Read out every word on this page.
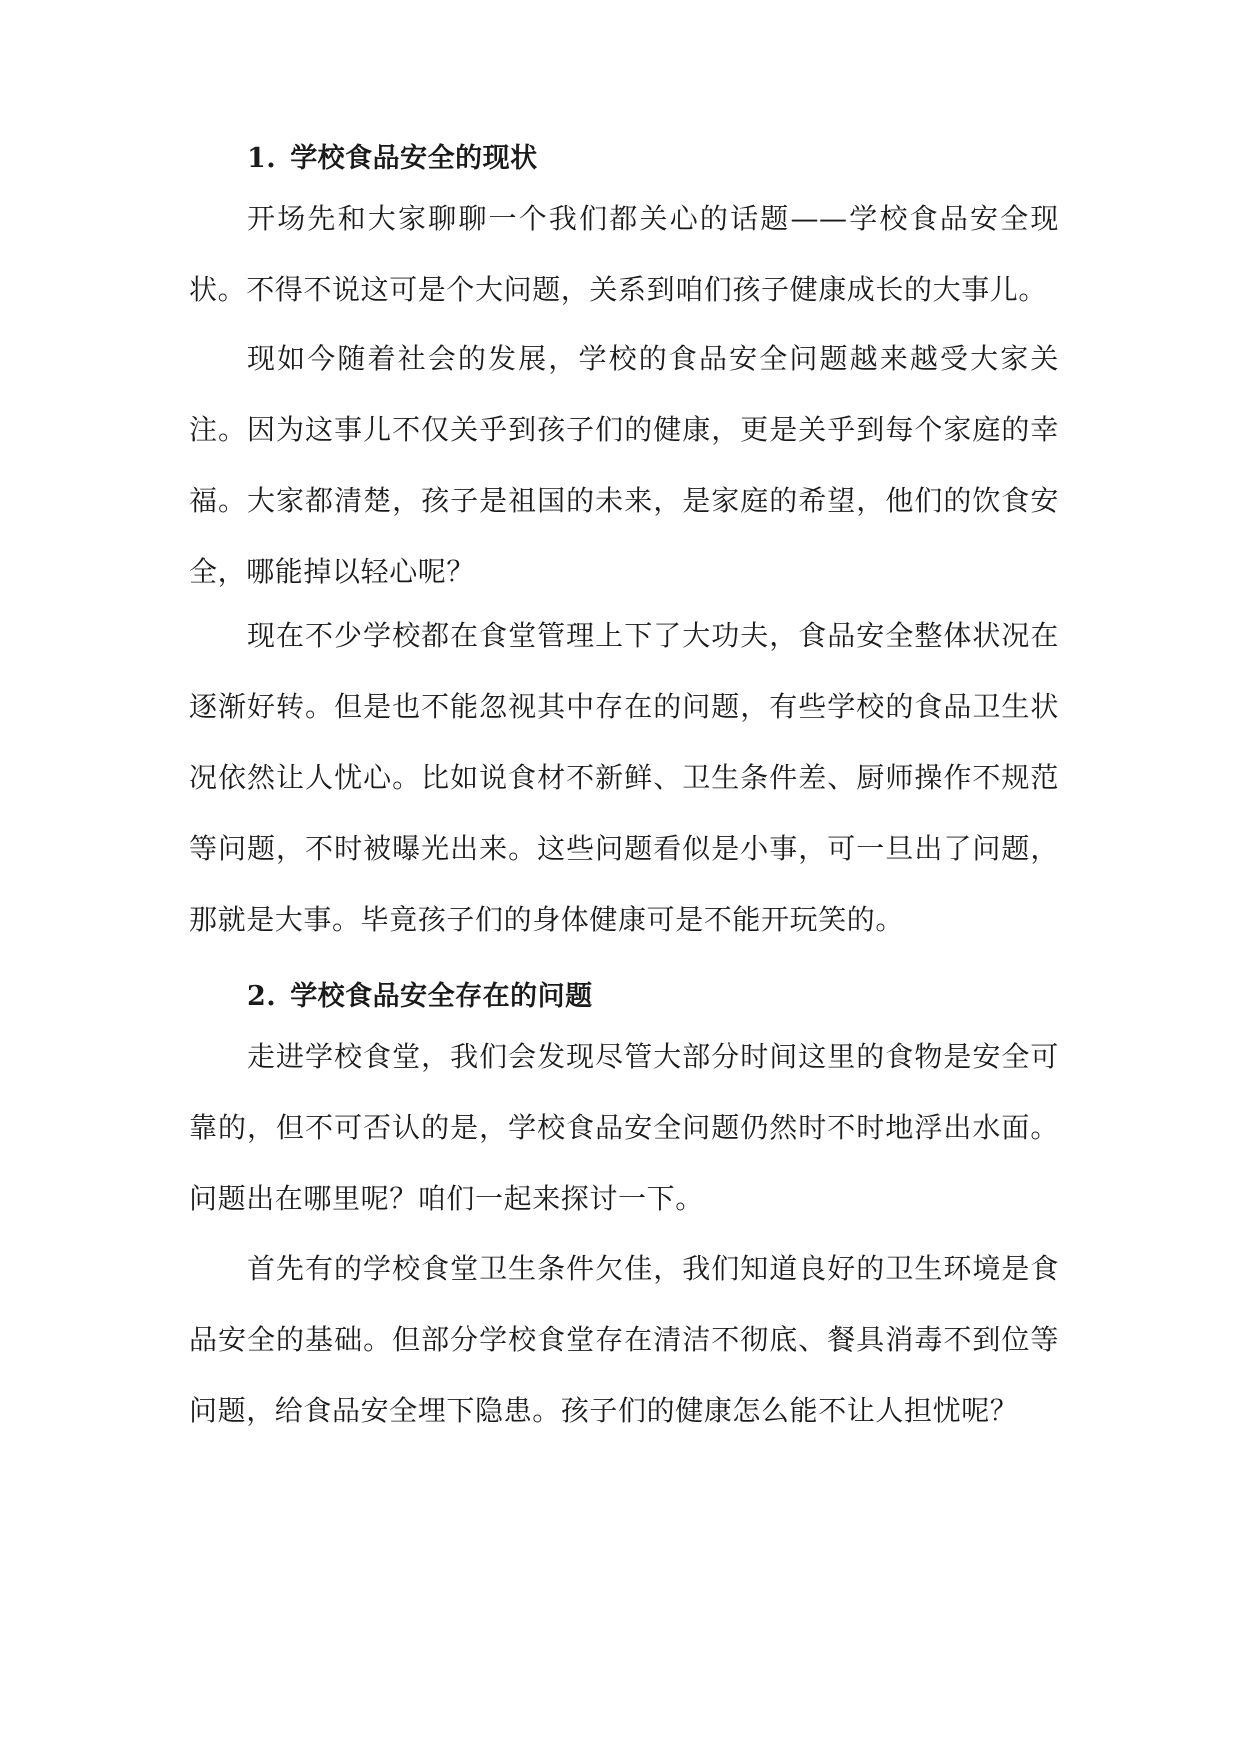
1. 学校食品安全的现状

开场先和大家聊聊一个我们都关心的话题——学校食品安全现状。不得不说这可是个大问题，关系到咱们孩子健康成长的大事儿。

现如今随着社会的发展，学校的食品安全问题越来越受大家关注。因为这事儿不仅关乎到孩子们的健康，更是关乎到每个家庭的幸福。大家都清楚，孩子是祖国的未来，是家庭的希望，他们的饮食安全，哪能掉以轻心呢？

现在不少学校都在食堂管理上下了大功夫，食品安全整体状况在逐渐好转。但是也不能忽视其中存在的问题，有些学校的食品卫生状况依然让人忧心。比如说食材不新鲜、卫生条件差、厨师操作不规范等问题，不时被曝光出来。这些问题看似是小事，可一旦出了问题，那就是大事。毕竟孩子们的身体健康可是不能开玩笑的。

2. 学校食品安全存在的问题

走进学校食堂，我们会发现尽管大部分时间这里的食物是安全可靠的，但不可否认的是，学校食品安全问题仍然时不时地浮出水面。问题出在哪里呢？咱们一起来探讨一下。

首先有的学校食堂卫生条件欠佳，我们知道良好的卫生环境是食品安全的基础。但部分学校食堂存在清洁不彻底、餐具消毒不到位等问题，给食品安全埋下隐患。孩子们的健康怎么能不让人担忧呢？
